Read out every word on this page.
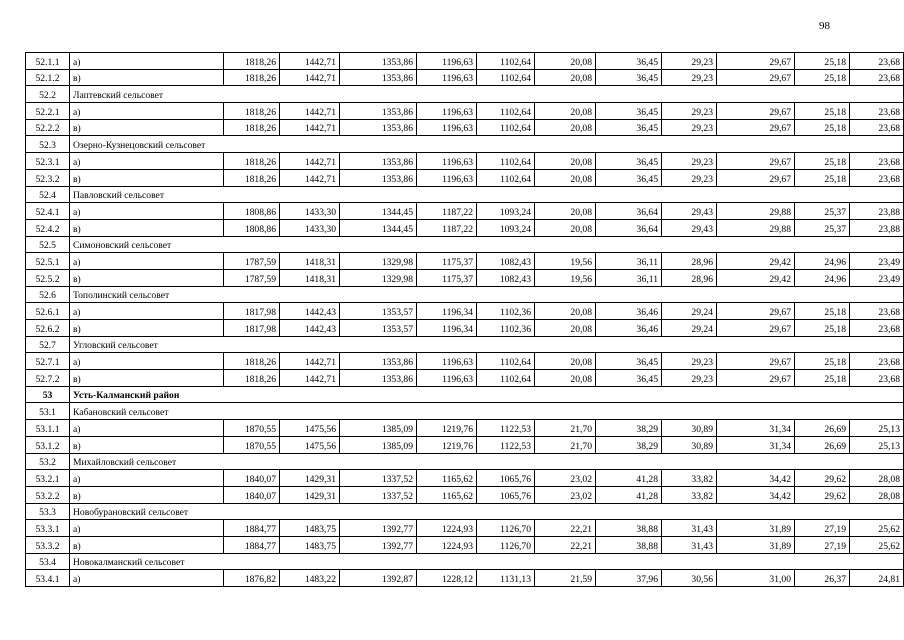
98
52.1.1	а)	1818,26	1442,71	1353,86	1196,63	1102,64	20,08	36,45	29,23	29,67	25,18	23,68
52.1.2	в)	1818,26	1442,71	1353,86	1196,63	1102,64	20,08	36,45	29,23	29,67	25,18	23,68
52.2	Лаптевский сельсовет											
52.2.1	а)	1818,26	1442,71	1353,86	1196,63	1102,64	20,08	36,45	29,23	29,67	25,18	23,68
52.2.2	в)	1818,26	1442,71	1353,86	1196,63	1102,64	20,08	36,45	29,23	29,67	25,18	23,68
52.3	Озерно-Кузнецовский сельсовет											
52.3.1	а)	1818,26	1442,71	1353,86	1196,63	1102,64	20,08	36,45	29,23	29,67	25,18	23,68
52.3.2	в)	1818,26	1442,71	1353,86	1196,63	1102,64	20,08	36,45	29,23	29,67	25,18	23,68
52.4	Павловский сельсовет											
52.4.1	а)	1808,86	1433,30	1344,45	1187,22	1093,24	20,08	36,64	29,43	29,88	25,37	23,88
52.4.2	в)	1808,86	1433,30	1344,45	1187,22	1093,24	20,08	36,64	29,43	29,88	25,37	23,88
52.5	Симоновский сельсовет											
52.5.1	а)	1787,59	1418,31	1329,98	1175,37	1082,43	19,56	36,11	28,96	29,42	24,96	23,49
52.5.2	в)	1787,59	1418,31	1329,98	1175,37	1082,43	19,56	36,11	28,96	29,42	24,96	23,49
52.6	Тополинский сельсовет											
52.6.1	а)	1817,98	1442,43	1353,57	1196,34	1102,36	20,08	36,46	29,24	29,67	25,18	23,68
52.6.2	в)	1817,98	1442,43	1353,57	1196,34	1102,36	20,08	36,46	29,24	29,67	25,18	23,68
52.7	Угловский сельсовет											
52.7.1	а)	1818,26	1442,71	1353,86	1196,63	1102,64	20,08	36,45	29,23	29,67	25,18	23,68
52.7.2	в)	1818,26	1442,71	1353,86	1196,63	1102,64	20,08	36,45	29,23	29,67	25,18	23,68
53	Усть-Калманский район											
53.1	Кабановский сельсовет											
53.1.1	а)	1870,55	1475,56	1385,09	1219,76	1122,53	21,70	38,29	30,89	31,34	26,69	25,13
53.1.2	в)	1870,55	1475,56	1385,09	1219,76	1122,53	21,70	38,29	30,89	31,34	26,69	25,13
53.2	Михайловский сельсовет											
53.2.1	а)	1840,07	1429,31	1337,52	1165,62	1065,76	23,02	41,28	33,82	34,42	29,62	28,08
53.2.2	в)	1840,07	1429,31	1337,52	1165,62	1065,76	23,02	41,28	33,82	34,42	29,62	28,08
53.3	Новобурановский сельсовет											
53.3.1	а)	1884,77	1483,75	1392,77	1224,93	1126,70	22,21	38,88	31,43	31,89	27,19	25,62
53.3.2	в)	1884,77	1483,75	1392,77	1224,93	1126,70	22,21	38,88	31,43	31,89	27,19	25,62
53.4	Новокалманский сельсовет											
53.4.1	а)	1876,82	1483,22	1392,87	1228,12	1131,13	21,59	37,96	30,56	31,00	26,37	24,81
